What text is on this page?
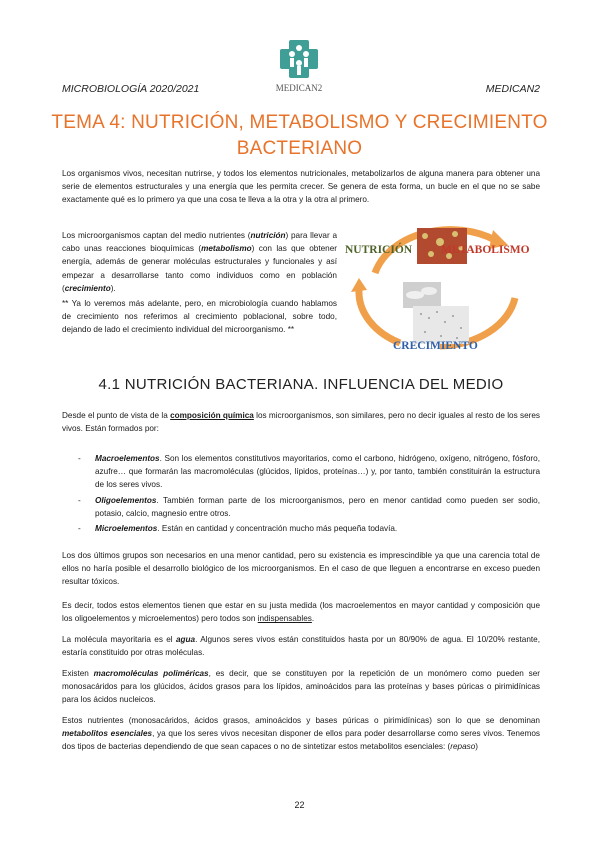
MICROBIOLOGÍA 2020/2021	MEDICAN2
MEDICAN2
TEMA 4: NUTRICIÓN, METABOLISMO Y CRECIMIENTO
BACTERIANO
Los organismos vivos, necesitan nutrirse, y todos los elementos nutricionales, metabolizarlos de alguna manera para obtener una serie de elementos estructurales y una energía que les permita crecer. Se genera de esta forma, un bucle en el que no se sabe exactamente qué es lo primero ya que una cosa te lleva a la otra y la otra al primero.
Los microorganismos captan del medio nutrientes (nutrición) para llevar a cabo unas reacciones bioquímicas (metabolismo) con las que obtener energía, además de generar moléculas estructurales y funcionales y así empezar a desarrollarse tanto como individuos como en población (crecimiento).
** Ya lo veremos más adelante, pero, en microbiología cuando hablamos de crecimiento nos referimos al crecimiento poblacional, sobre todo, dejando de lado el crecimiento individual del microorganismo. **
NUTRICIÓN	METABOLISMO
CRECIMIENTO
4.1 NUTRICIÓN BACTERIANA. INFLUENCIA DEL MEDIO
Desde el punto de vista de la composición química los microorganismos, son similares, pero no decir iguales al resto de los seres vivos. Están formados por:
- Macroelementos. Son los elementos constitutivos mayoritarios, como el carbono, hidrógeno, oxígeno, nitrógeno, fósforo, azufre… que formarán las macromoléculas (glúcidos, lípidos, proteínas…) y, por tanto, también constituirán la estructura de los seres vivos.
- Oligoelementos. También forman parte de los microorganismos, pero en menor cantidad como pueden ser sodio, potasio, calcio, magnesio entre otros.
- Microelementos. Están en cantidad y concentración mucho más pequeña todavía.
Los dos últimos grupos son necesarios en una menor cantidad, pero su existencia es imprescindible ya que una carencia total de ellos no haría posible el desarrollo biológico de los microorganismos. En el caso de que lleguen a encontrarse en exceso pueden resultar tóxicos.
Es decir, todos estos elementos tienen que estar en su justa medida (los macroelementos en mayor cantidad y composición que los oligoelementos y microelementos) pero todos son indispensables.
La molécula mayoritaria es el agua. Algunos seres vivos están constituidos hasta por un 80/90% de agua. El 10/20% restante, estaría constituido por otras moléculas.
Existen macromoléculas poliméricas, es decir, que se constituyen por la repetición de un monómero como pueden ser monosacáridos para los glúcidos, ácidos grasos para los lípidos, aminoácidos para las proteínas y bases púricas o pirimidínicas para los ácidos nucleicos.
Estos nutrientes (monosacáridos, ácidos grasos, aminoácidos y bases púricas o pirimidínicas) son lo que se denominan metabolitos esenciales, ya que los seres vivos necesitan disponer de ellos para poder desarrollarse como seres vivos. Tenemos dos tipos de bacterias dependiendo de que sean capaces o no de sintetizar estos metabolitos esenciales: (repaso)
22
